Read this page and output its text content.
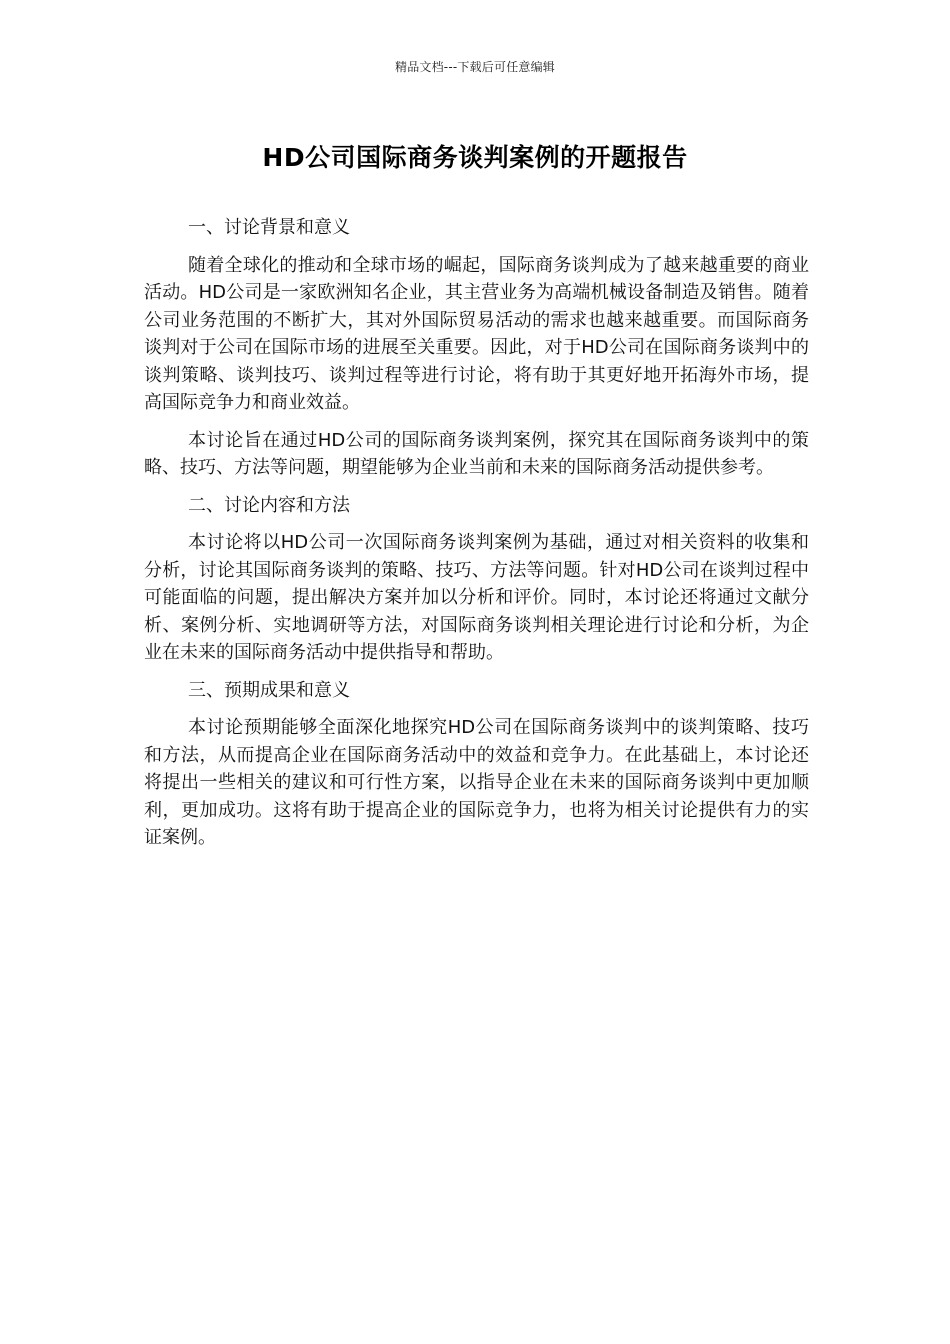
精品文档---下载后可任意编辑
HD公司国际商务谈判案例的开题报告

一、讨论背景和意义

随着全球化的推动和全球市场的崛起，国际商务谈判成为了越来越重要的商业活动。HD公司是一家欧洲知名企业，其主营业务为高端机械设备制造及销售。随着公司业务范围的不断扩大，其对外国际贸易活动的需求也越来越重要。而国际商务谈判对于公司在国际市场的进展至关重要。因此，对于HD公司在国际商务谈判中的谈判策略、谈判技巧、谈判过程等进行讨论，将有助于其更好地开拓海外市场，提高国际竞争力和商业效益。

本讨论旨在通过HD公司的国际商务谈判案例，探究其在国际商务谈判中的策略、技巧、方法等问题，期望能够为企业当前和未来的国际商务活动提供参考。

二、讨论内容和方法

本讨论将以HD公司一次国际商务谈判案例为基础，通过对相关资料的收集和分析，讨论其国际商务谈判的策略、技巧、方法等问题。针对HD公司在谈判过程中可能面临的问题，提出解决方案并加以分析和评价。同时，本讨论还将通过文献分析、案例分析、实地调研等方法，对国际商务谈判相关理论进行讨论和分析，为企业在未来的国际商务活动中提供指导和帮助。

三、预期成果和意义

本讨论预期能够全面深化地探究HD公司在国际商务谈判中的谈判策略、技巧和方法，从而提高企业在国际商务活动中的效益和竞争力。在此基础上，本讨论还将提出一些相关的建议和可行性方案，以指导企业在未来的国际商务谈判中更加顺利，更加成功。这将有助于提高企业的国际竞争力，也将为相关讨论提供有力的实证案例。
